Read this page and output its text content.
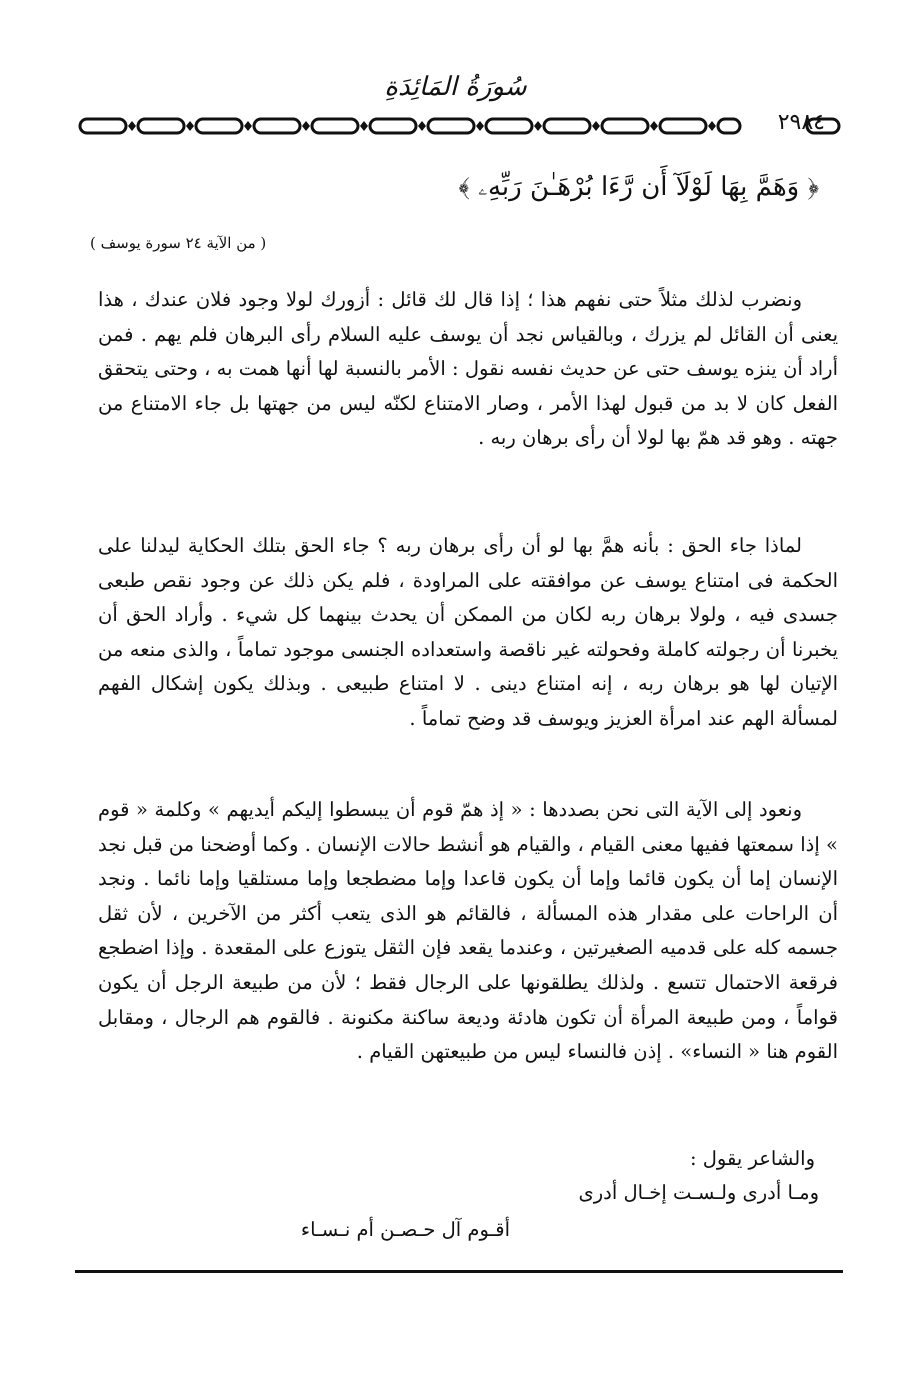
سُورَةُ المَائِدَةِ
٢٩٨٤
﴿ وَهَمَّ بِهَا لَوْلَآ أَن رَّءَا بُرْهَـٰنَ رَبِّهِۦ ﴾
( من الآية ٢٤ سورة يوسف )
ونضرب لذلك مثلاً حتى نفهم هذا ؛ إذا قال لك قائل : أزورك لولا وجود فلان عندك ، هذا يعنى أن القائل لم يزرك ، وبالقياس نجد أن يوسف عليه السلام رأى البرهان فلم يهم . فمن أراد أن ينزه يوسف حتى عن حديث نفسه نقول : الأمر بالنسبة لها أنها همت به ، وحتى يتحقق الفعل كان لا بد من قبول لهذا الأمر ، وصار الامتناع لكنّه ليس من جهتها بل جاء الامتناع من جهته . وهو قد همّ بها لولا أن رأى برهان ربه .
لماذا جاء الحق : بأنه همَّ بها لو أن رأى برهان ربه ؟ جاء الحق بتلك الحكاية ليدلنا على الحكمة فى امتناع يوسف عن موافقته على المراودة ، فلم يكن ذلك عن وجود نقص طبعى جسدى فيه ، ولولا برهان ربه لكان من الممكن أن يحدث بينهما كل شيء . وأراد الحق أن يخبرنا أن رجولته كاملة وفحولته غير ناقصة واستعداده الجنسى موجود تماماً ، والذى منعه من الإتيان لها هو برهان ربه ، إنه امتناع دينى . لا امتناع طبيعى . وبذلك يكون إشكال الفهم لمسألة الهم عند امرأة العزيز ويوسف قد وضح تماماً .
ونعود إلى الآية التى نحن بصددها : « إذ همّ قوم أن يبسطوا إليكم أيديهم » وكلمة « قوم » إذا سمعتها ففيها معنى القيام ، والقيام هو أنشط حالات الإنسان . وكما أوضحنا من قبل نجد الإنسان إما أن يكون قائما وإما أن يكون قاعدا وإما مضطجعا وإما مستلقيا وإما نائما . ونجد أن الراحات على مقدار هذه المسألة ، فالقائم هو الذى يتعب أكثر من الآخرين ، لأن ثقل جسمه كله على قدميه الصغيرتين ، وعندما يقعد فإن الثقل يتوزع على المقعدة . وإذا اضطجع فرقعة الاحتمال تتسع . ولذلك يطلقونها على الرجال فقط ؛ لأن من طبيعة الرجل أن يكون قواماً ، ومن طبيعة المرأة أن تكون هادئة وديعة ساكنة مكنونة . فالقوم هم الرجال ، ومقابل القوم هنا « النساء» . إذن فالنساء ليس من طبيعتهن القيام .
والشاعر يقول :
ومـا أدرى ولـسـت إخـال أدرى
أقـوم آل حـصـن أم نـسـاء
